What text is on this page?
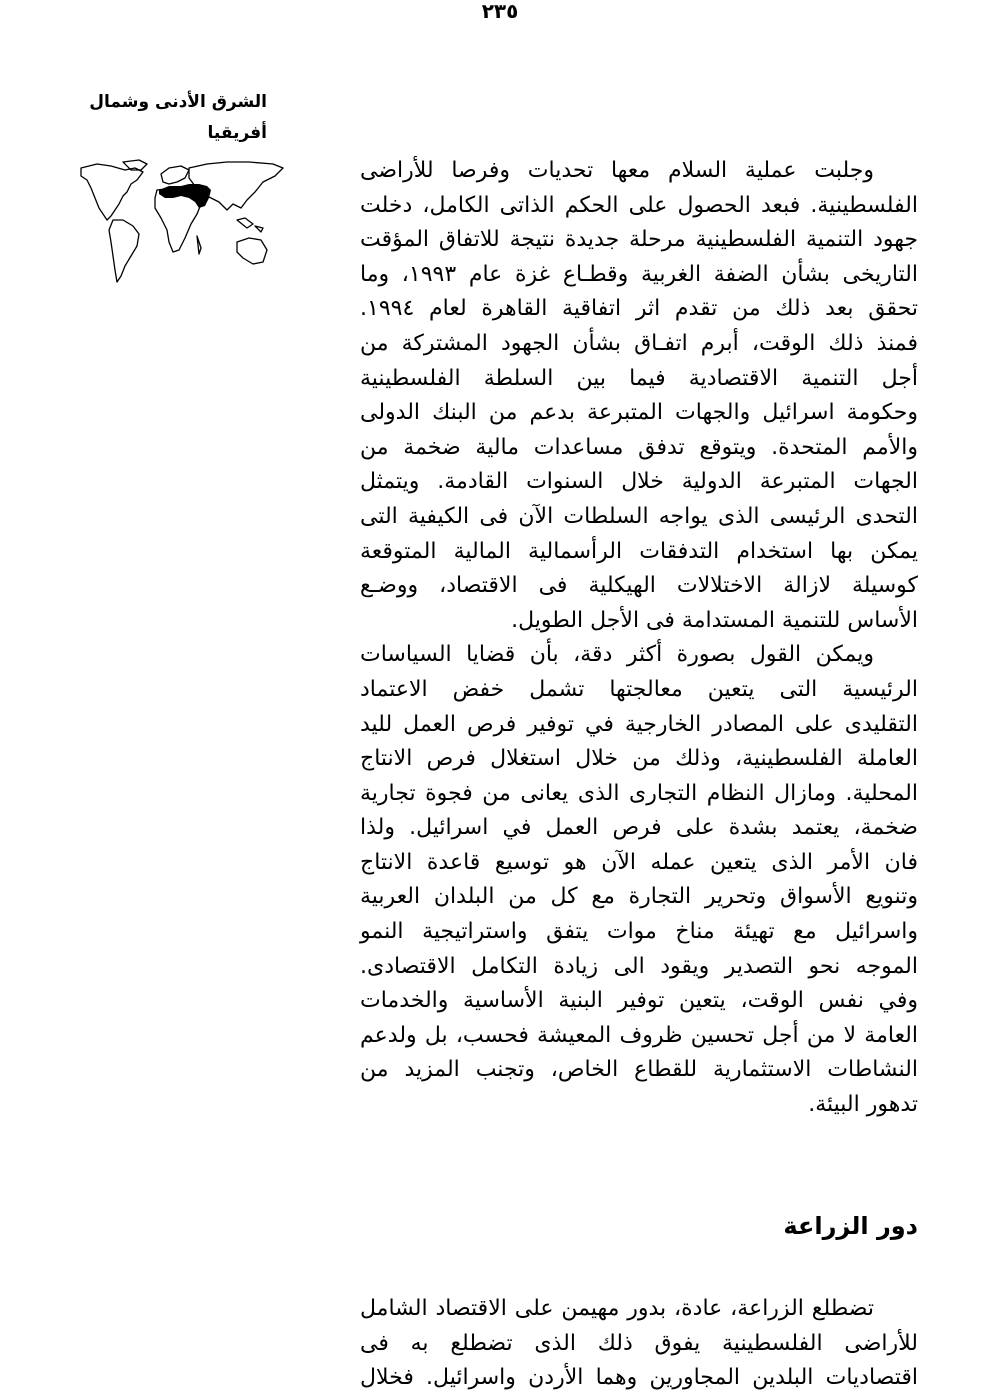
٢٣٥
الشرق الأدنى وشمال
أفريقيا
وجلبت عملية السلام معها تحديات وفرصا للأراضى
الفلسطينية. فبعد الحصول على الحكم الذاتى الكامل، دخلت
جهود التنمية الفلسطينية مرحلة جديدة نتيجة للاتفاق المؤقت
التاريخى بشأن الضفة الغربية وقطـاع غزة عام ١٩٩٣، وما
تحقق بعد ذلك من تقدم اثر اتفاقية القاهرة لعام ١٩٩٤.
فمنذ ذلك الوقت، أبرم اتفـاق بشأن الجهود المشتركة من
أجل التنمية الاقتصادية فيما بين السلطة الفلسطينية
وحكومة اسرائيل والجهات المتبرعة بدعم من البنك الدولى
والأمم المتحدة. ويتوقع تدفق مساعدات مالية ضخمة من
الجهات المتبرعة الدولية خلال السنوات القادمة. ويتمثل
التحدى الرئيسى الذى يواجه السلطات الآن فى الكيفية التى
يمكن بها استخدام التدفقات الرأسمالية المالية المتوقعة
كوسيلة لازالة الاختلالات الهيكلية فى الاقتصاد، ووضـع
الأساس للتنمية المستدامة فى الأجل الطويل.
ويمكن القول بصورة أكثر دقة، بأن قضايا السياسات
الرئيسية التى يتعين معالجتها تشمل خفض الاعتماد
التقليدى على المصادر الخارجية في توفير فرص العمل لليد
العاملة الفلسطينية، وذلك من خلال استغلال فرص الانتاج
المحلية. ومازال النظام التجارى الذى يعانى من فجوة تجارية
ضخمة، يعتمد بشدة على فرص العمل في اسرائيل. ولذا
فان الأمر الذى يتعين عمله الآن هو توسيع قاعدة الانتاج
وتنويع الأسواق وتحرير التجارة مع كل من البلدان العربية
واسرائيل مع تهيئة مناخ موات يتفق واستراتيجية النمو
الموجه نحو التصدير ويقود الى زيادة التكامل الاقتصادى.
وفي نفس الوقت، يتعين توفير البنية الأساسية والخدمات
العامة لا من أجل تحسين ظروف المعيشة فحسب، بل ولدعم
النشاطات الاستثمارية للقطاع الخاص، وتجنب المزيد من
تدهور البيئة.
دور الزراعة
تضطلع الزراعة، عادة، بدور مهيمن على الاقتصاد الشامل
للأراضى الفلسطينية يفوق ذلك الذى تضطلع به فى
اقتصاديات البلدين المجاورين وهما الأردن واسرائيل. فخلال
